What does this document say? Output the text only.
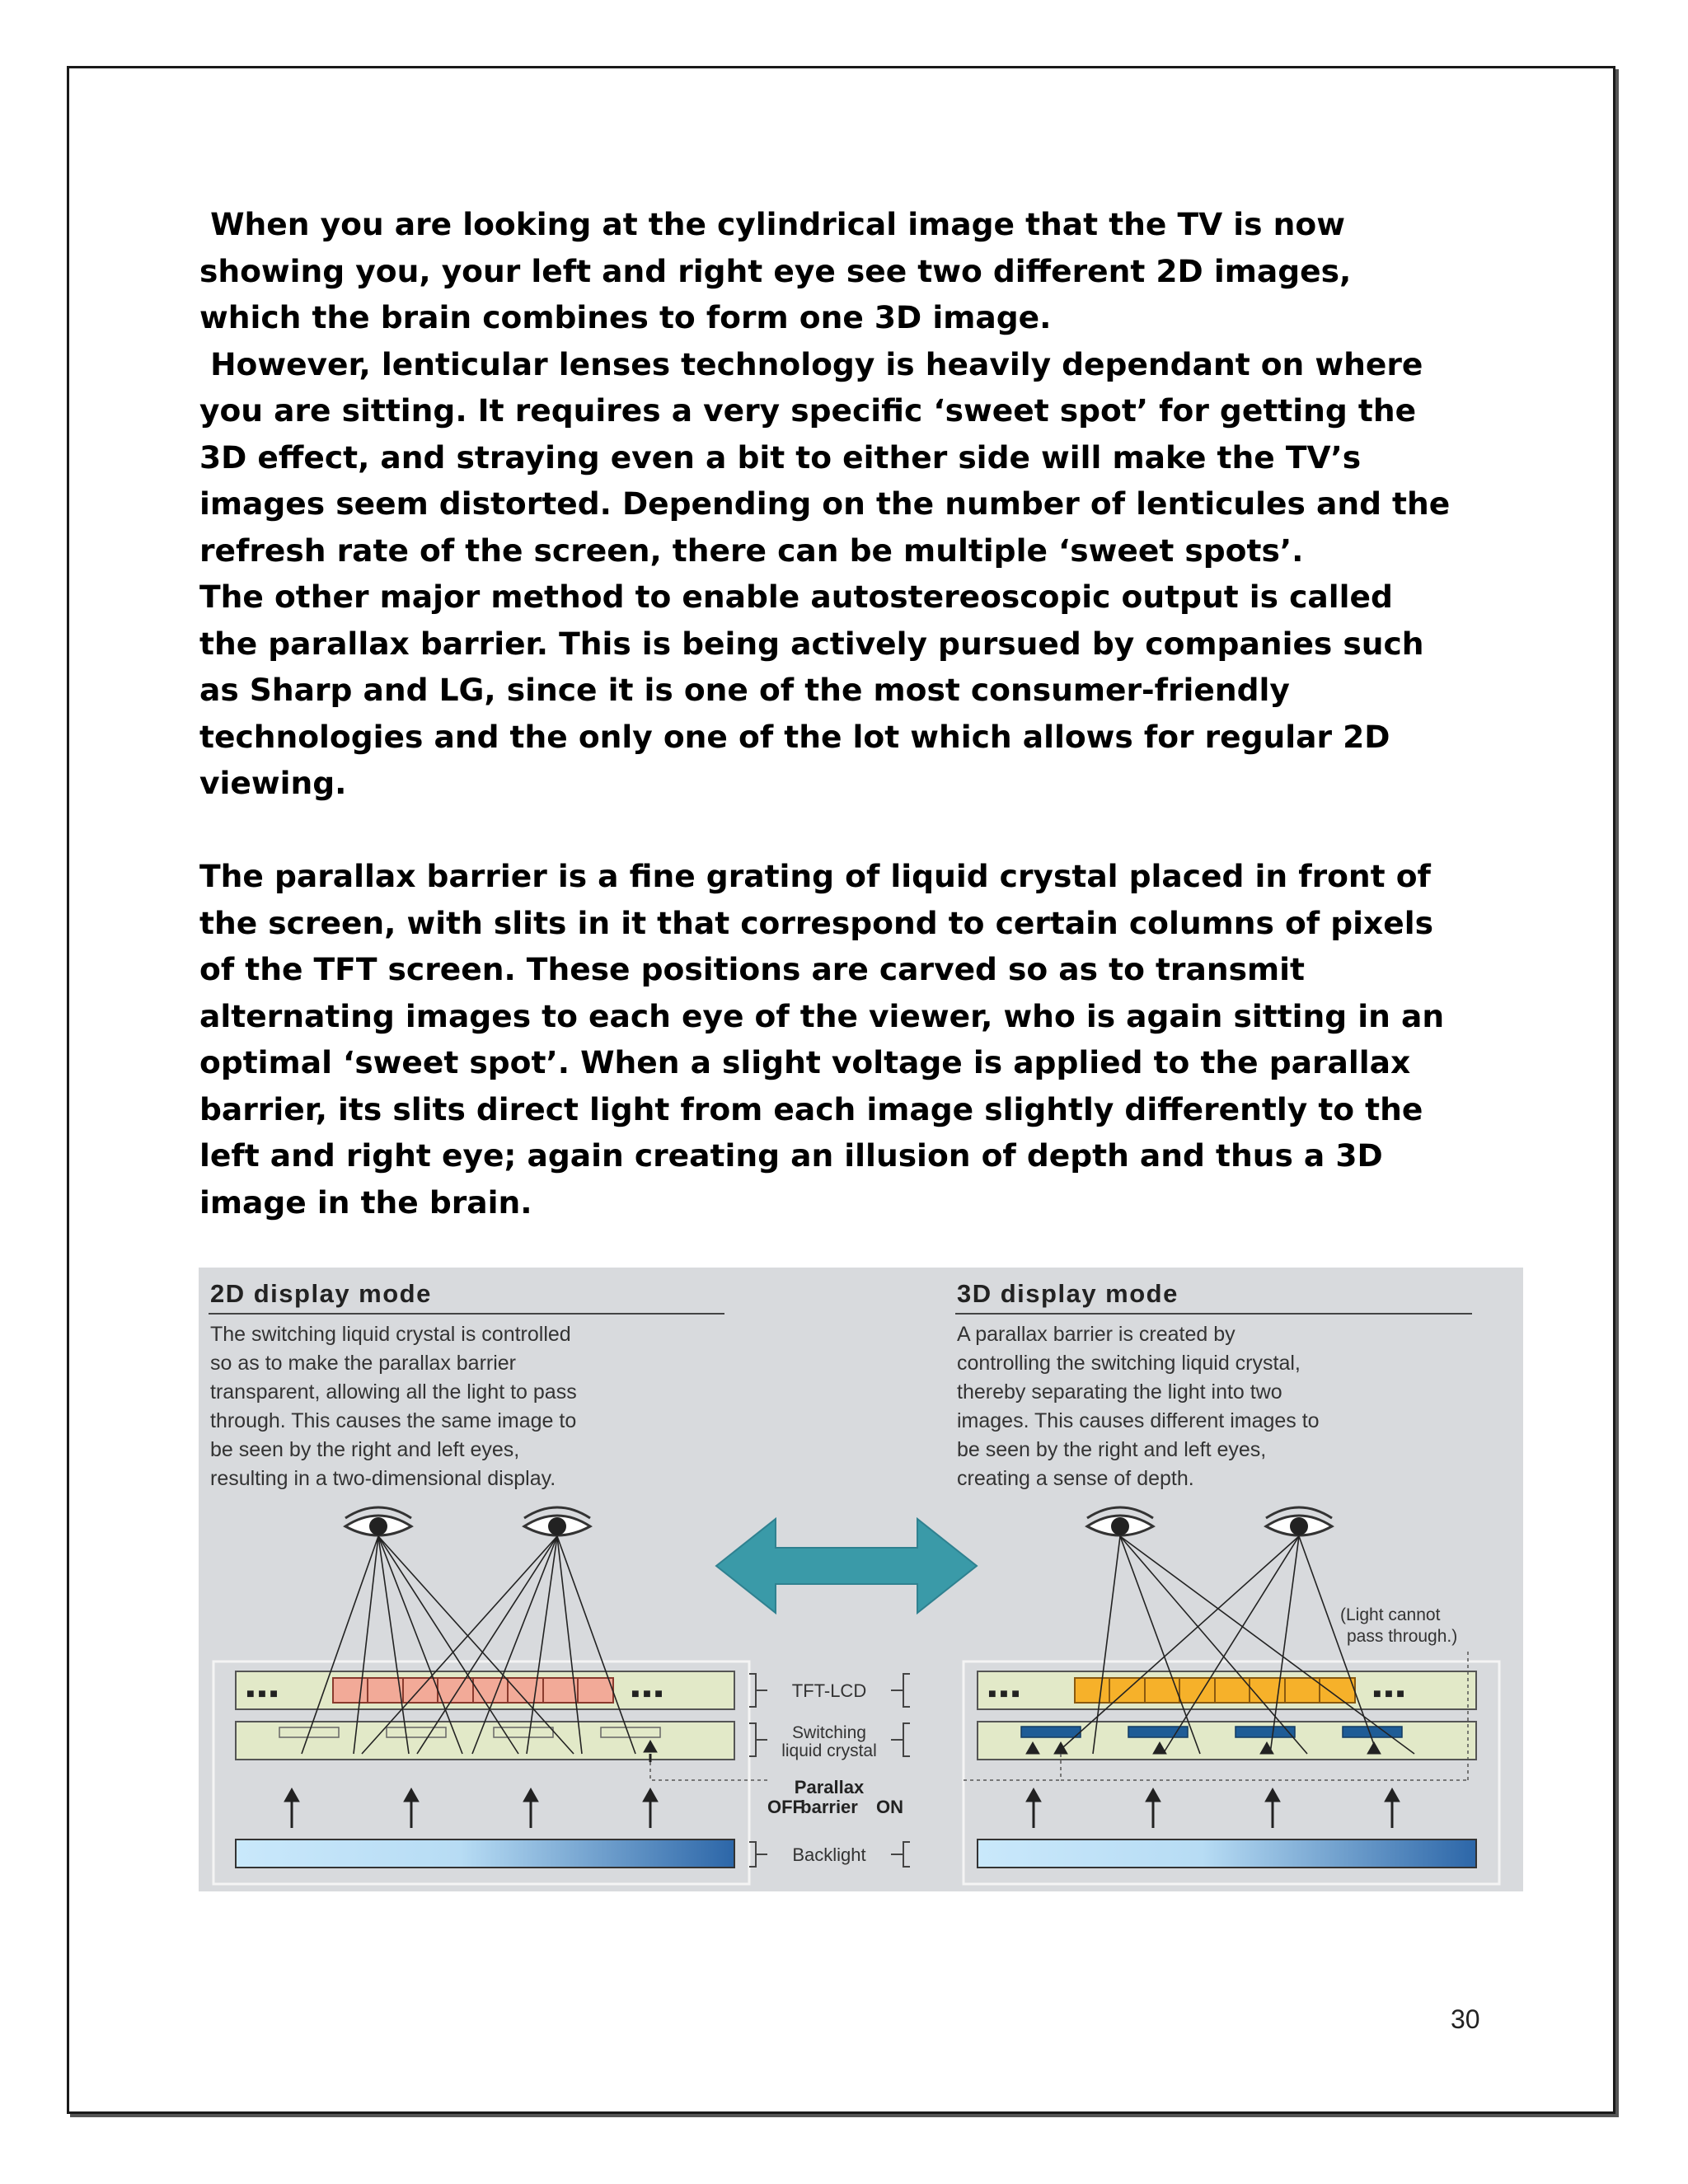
When you are looking at the cylindrical image that the TV is now
showing you, your left and right eye see two different 2D images,
which the brain combines to form one 3D image.
However, lenticular lenses technology is heavily dependant on where
you are sitting. It requires a very specific ‘sweet spot’ for getting the
3D effect, and straying even a bit to either side will make the TV’s
images seem distorted. Depending on the number of lenticules and the
refresh rate of the screen, there can be multiple ‘sweet spots’.
The other major method to enable autostereoscopic output is called
the parallax barrier. This is being actively pursued by companies such
as Sharp and LG, since it is one of the most consumer-friendly
technologies and the only one of the lot which allows for regular 2D
viewing.

The parallax barrier is a fine grating of liquid crystal placed in front of
the screen, with slits in it that correspond to certain columns of pixels
of the TFT screen. These positions are carved so as to transmit
alternating images to each eye of the viewer, who is again sitting in an
optimal ‘sweet spot’. When a slight voltage is applied to the parallax
barrier, its slits direct light from each image slightly differently to the
left and right eye; again creating an illusion of depth and thus a 3D
image in the brain.

2D display mode
The switching liquid crystal is controlled
so as to make the parallax barrier
transparent, allowing all the light to pass
through. This causes the same image to
be seen by the right and left eyes,
resulting in a two-dimensional display.
3D display mode
A parallax barrier is created by
controlling the switching liquid crystal,
thereby separating the light into two
images. This causes different images to
be seen by the right and left eyes,
creating a sense of depth.
■ ■ ■	■ ■ ■	■ ■ ■	■ ■ ■
(Light cannot
pass through.)
TFT-LCD
Switching
liquid crystal
Parallax
barrier
OFF	ON
Backlight
30
